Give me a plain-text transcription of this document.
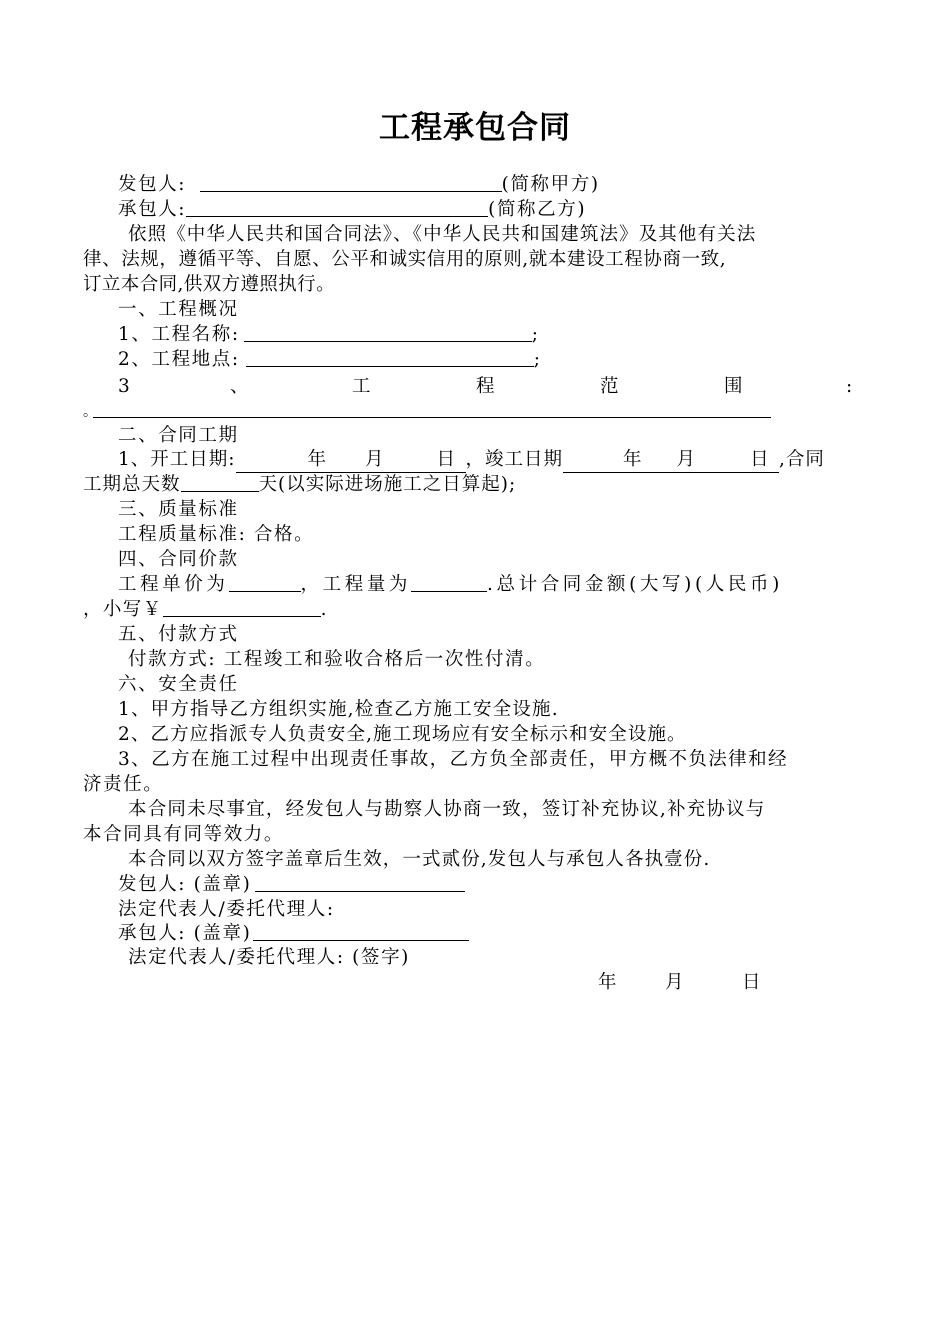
工程承包合同
发包人:	(简称甲方)
承包人:	(简称乙方)
依照《中华人民共和国合同法》、《中华人民共和国建筑法》及其他有关法
律、法规，遵循平等、自愿、公平和诚实信用的原则,就本建设工程协商一致,
订立本合同,供双方遵照执行。
一、工程概况
1、工程名称:	;
2、工程地点:	;
3	、	工	程	范	围	:
。
二、合同工期
1、开工日期:	年 月	日 ，竣工日期	年 月	日 ,合同
工期总天数	天(以实际进场施工之日算起);
三、质量标准
工程质量标准: 合格。
四、合同价款
工程单价为	，工程量为	.总计合同金额(大写)(人民币)
，小写￥	.
五、付款方式
付款方式: 工程竣工和验收合格后一次性付清。
六、安全责任
1、甲方指导乙方组织实施,检查乙方施工安全设施.
2、乙方应指派专人负责安全,施工现场应有安全标示和安全设施。
3、乙方在施工过程中出现责任事故，乙方负全部责任，甲方概不负法律和经
济责任。
本合同未尽事宜，经发包人与勘察人协商一致，签订补充协议,补充协议与
本合同具有同等效力。
本合同以双方签字盖章后生效，一式贰份,发包人与承包人各执壹份.
发包人: (盖章)
法定代表人/委托代理人:
承包人: (盖章)
法定代表人/委托代理人: (签字)
年	月	日
